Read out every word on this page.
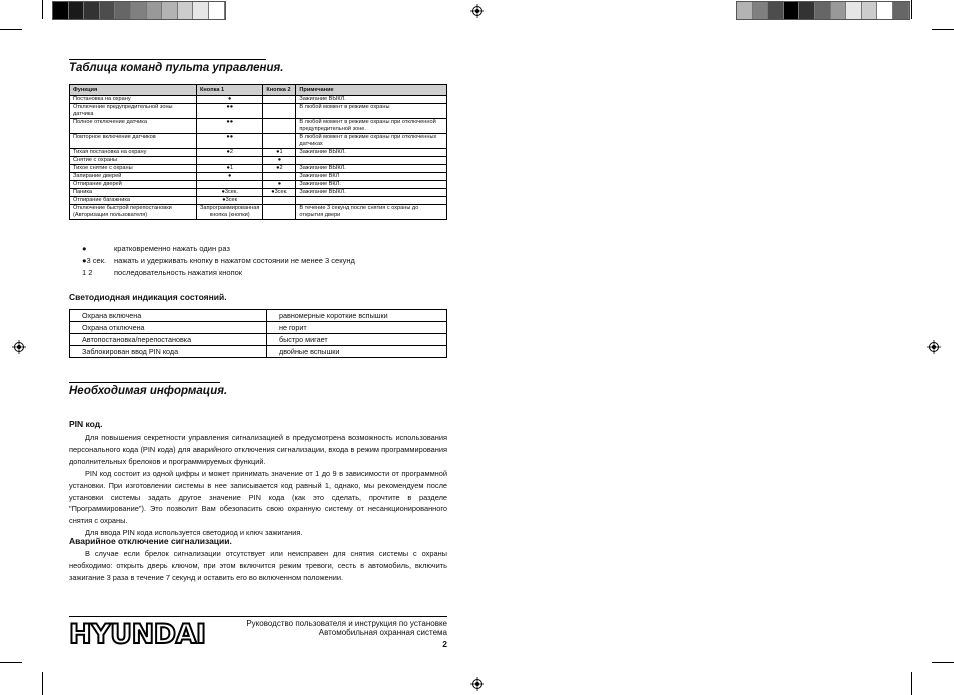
Таблица команд пульта управления.
Функция	Кнопка 1	Кнопка 2	Примечание
Постановка на охрану	●		Зажигание ВЫКЛ.
Отключение предупредительной зоны датчика	●●		В любой момент в режиме охраны
Полное отключение датчика	●●		В любой момент в режиме охраны при отключенной предупредительной зоне.
Повторное включение датчиков	●●		В любой момент в режиме охраны при отключенных датчиках
Тихая постановка на охрану	●2	●1	Зажигание ВЫКЛ.
Снятие с охраны		●	
Тихое снятие с охраны	●1	●2	Зажигание ВЫКЛ.
Запирание дверей	●		Зажигание ВКЛ
Отпирание дверей		●	Зажигание ВКЛ.
Паника	●3сек.	●3сек.	Зажигание ВЫКЛ.
Отпирание багажника	●3сек		
Отключение быстрой перепостановки (Авторизация пользователя)	Запрограммированная кнопка (кнопки)		В течение 3 секунд после снятия с охраны до открытия двери
●	кратковременно нажать один раз
●3 сек. нажать и удерживать кнопку в нажатом состоянии не менее 3 секунд
1 2	последовательность нажатия кнопок
Светодиодная индикация состояний.
Охрана включена	равномерные короткие вспышки
Охрана отключена	не горит
Автопостановка/перепостановка	быстро мигает
Заблокирован ввод PIN кода	двойные вспышки
Необходимая информация.
PIN код.

Для повышения секретности управления сигнализацией в предусмотрена возможность использования персонального кода (PIN кода) для аварийного отключения сигнализации, входа в режим программирования дополнительных брелоков и программируемых функций.

PIN код состоит из одной цифры и может принимать значение от 1 до 9 в зависимости от программной установки. При изготовлении системы в нее записывается код равный 1, однако, мы рекомендуем после установки системы задать другое значение PIN кода (как это сделать, прочтите в разделе "Программирование"). Это позволит Вам обезопасить свою охранную систему от несанкционированного снятия с охраны.

Для ввода PIN кода используется светодиод и ключ зажигания.

Аварийное отключение сигнализации.

В случае если брелок сигнализации отсутствует или неисправен для снятия системы с охраны необходимо: открыть дверь ключом, при этом включится режим тревоги, сесть в автомобиль, включить зажигание 3 раза в течение 7 секунд и оставить его во включенном положении.

HYUNDAI	Руководство пользователя и инструкция по установке
Автомобильная охранная система
2
